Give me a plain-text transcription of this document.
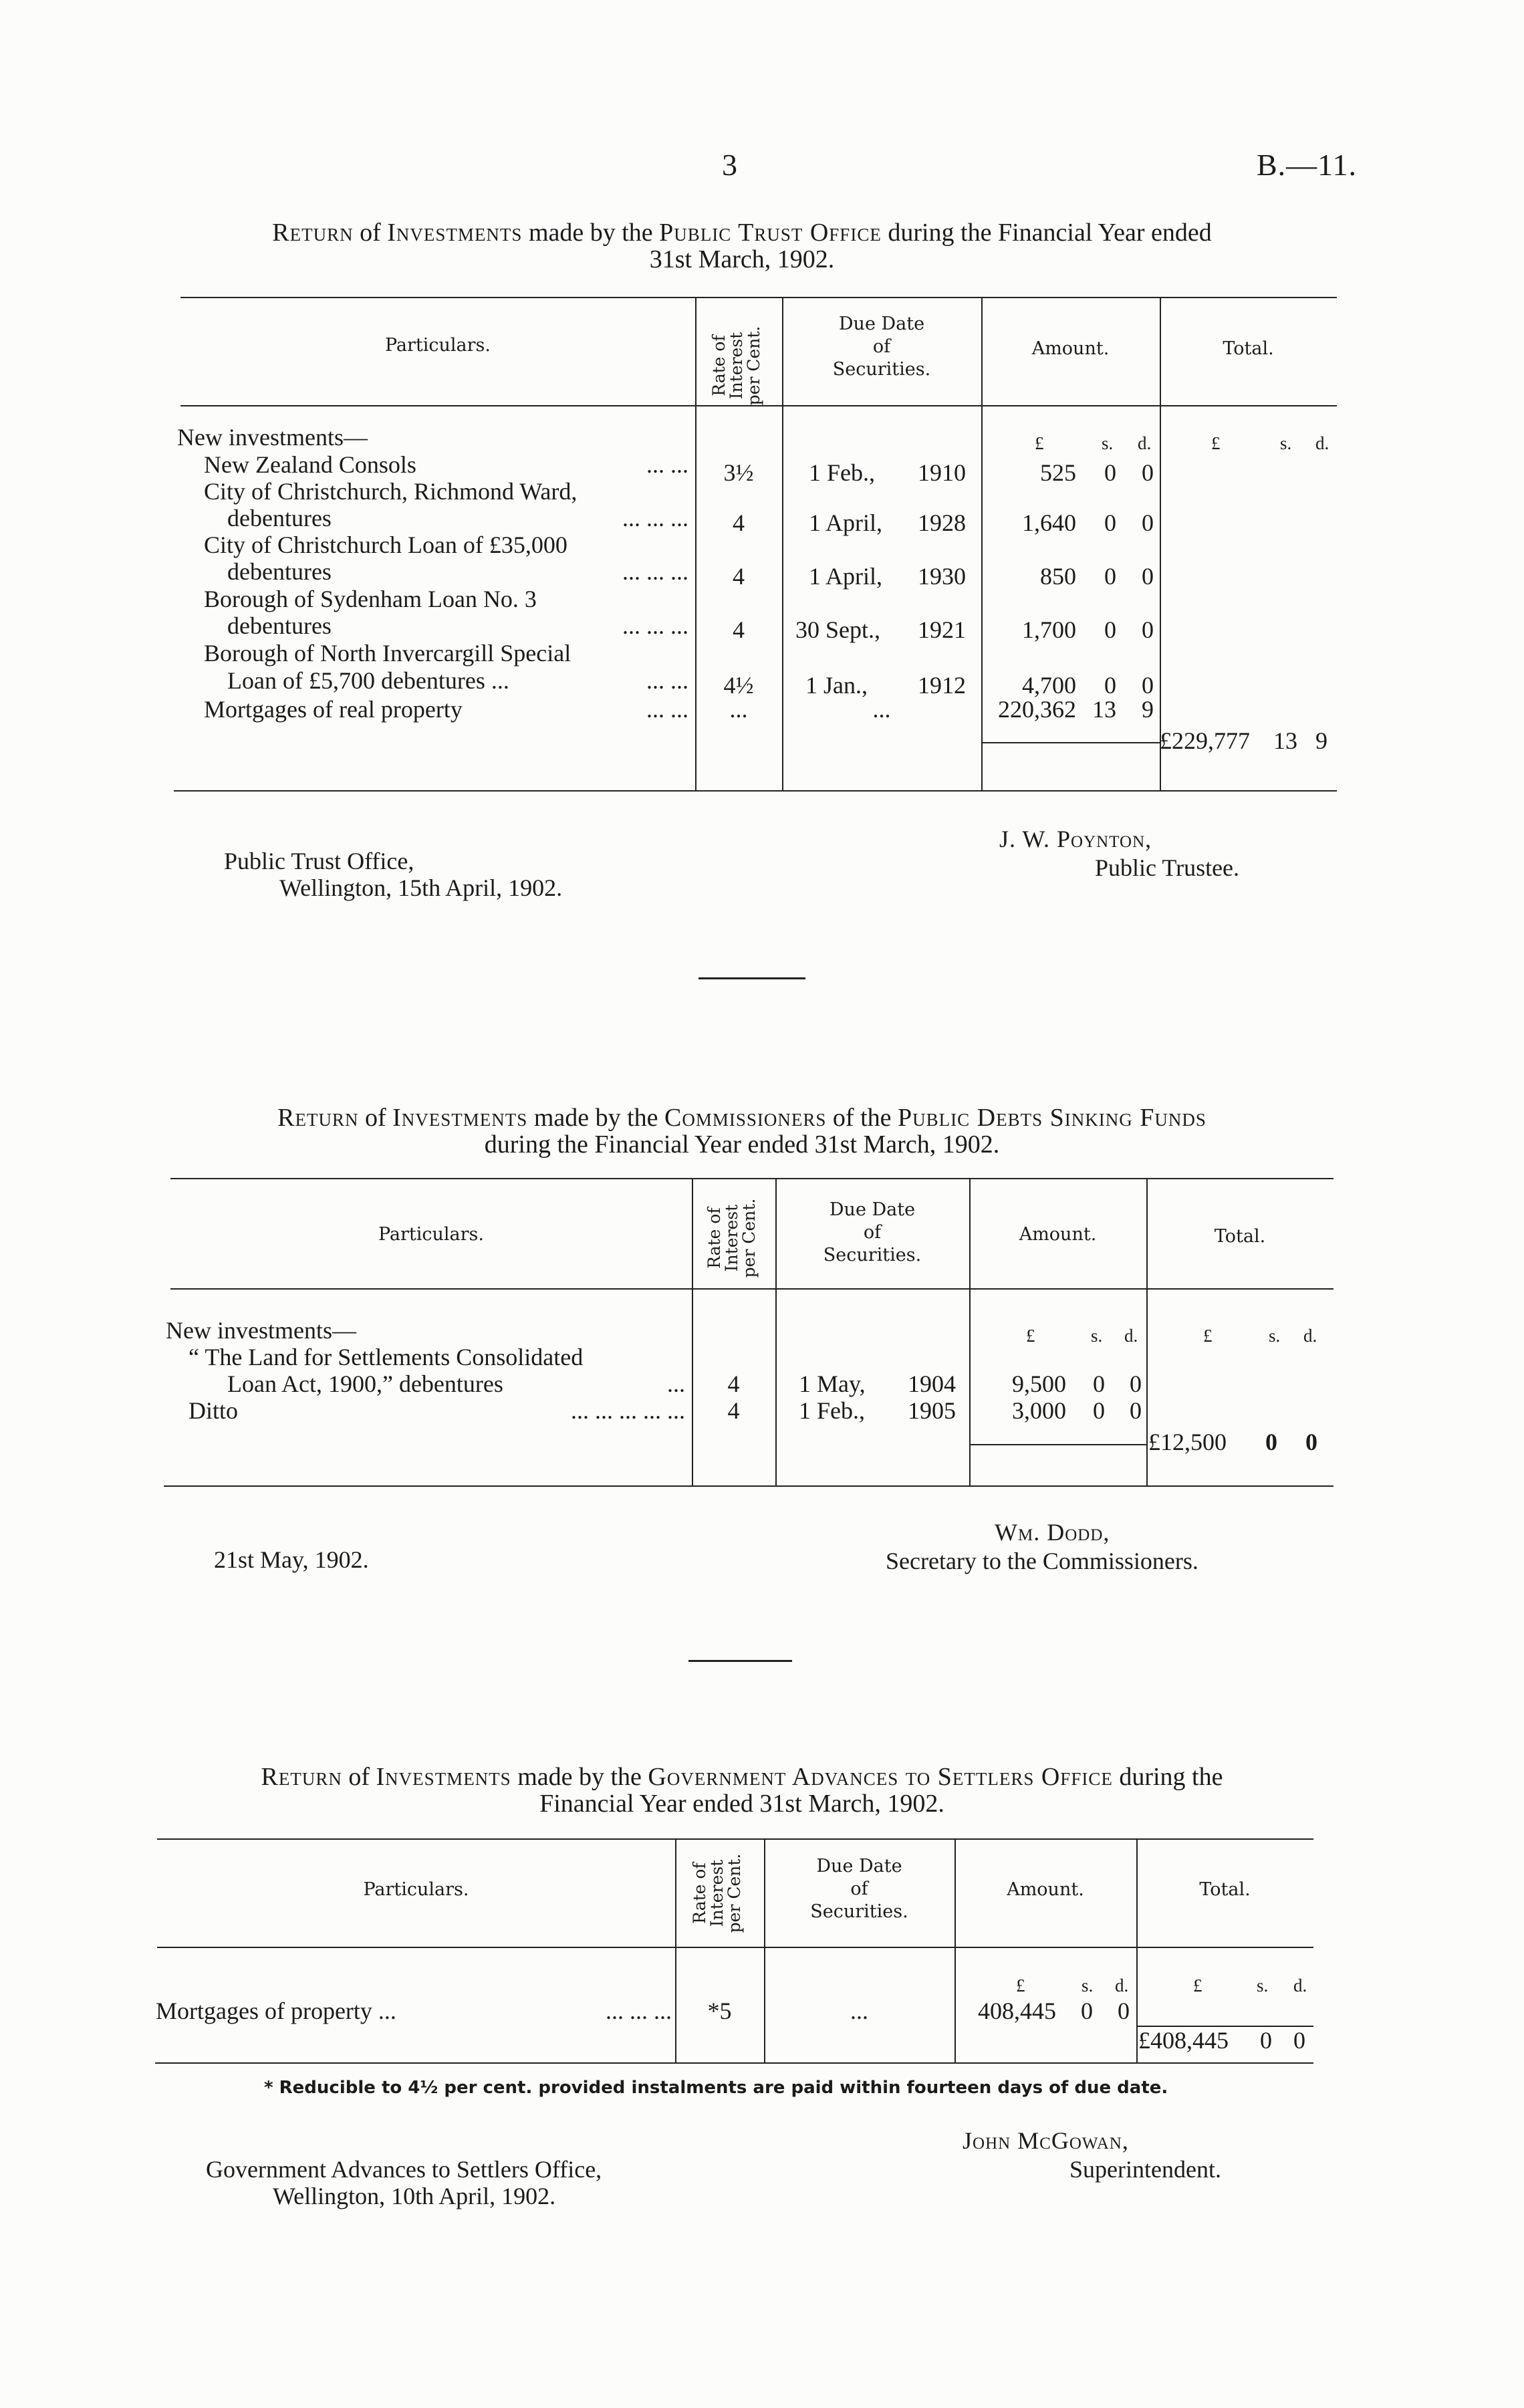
3	B.—11.
Return of Investments made by the Public Trust Office during the Financial Year ended
31st March, 1902.
Particulars.	Rate of
Interest
per Cent.
Due Date
of
Securities.
Amount.	Total.
£	s. d.	£	s. d.
New investments—
New Zealand Consols	... ...	3½	1 Feb.,	1910	525	0	0
City of Christchurch, Richmond Ward,
debentures	... ... ...	4	1 April,	1928	1,640	0	0
City of Christchurch Loan of £35,000
debentures	... ... ...	4	1 April,	1930	850	0	0
Borough of Sydenham Loan No. 3
debentures	... ... ...	4	30 Sept.,	1921	1,700	0	0
Borough of North Invercargill Special
Loan of £5,700 debentures ...	... ...	4½	1 Jan.,	1912	4,700	0	0
Mortgages of real property	... ...	...	...	220,362 13	9
£229,777 13 9
Public Trust Office,
Wellington, 15th April, 1902.
J. W. Poynton,
Public Trustee.
Return of Investments made by the Commissioners of the Public Debts Sinking Funds
during the Financial Year ended 31st March, 1902.
Particulars.	Rate of
Interest
per Cent.	Due Date
of
Securities.
Amount.	Total.
£	s. d.	£	s. d.
New investments—
“ The Land for Settlements Consolidated
Loan Act, 1900,” debentures	...	4	1 May,	1904	9,500	0	0
Ditto	... ... ... ... ...	4	1 Feb.,	1905	3,000	0	0
£12,500 0 0
21st May, 1902.
Wm. Dodd,
Secretary to the Commissioners.
Return of Investments made by the Government Advances to Settlers Office during the
Financial Year ended 31st March, 1902.
Particulars.	Rate of
Interest
per Cent.	Due Date
of
Securities.
Amount.	Total.
£	s. d.	£	s. d.
Mortgages of property ...	... ... ...	*5	...	408,445	0	0
£408,445 0 0
* Reducible to 4½ per cent. provided instalments are paid within fourteen days of due date.
Government Advances to Settlers Office,
Wellington, 10th April, 1902.
John McGowan,
Superintendent.
